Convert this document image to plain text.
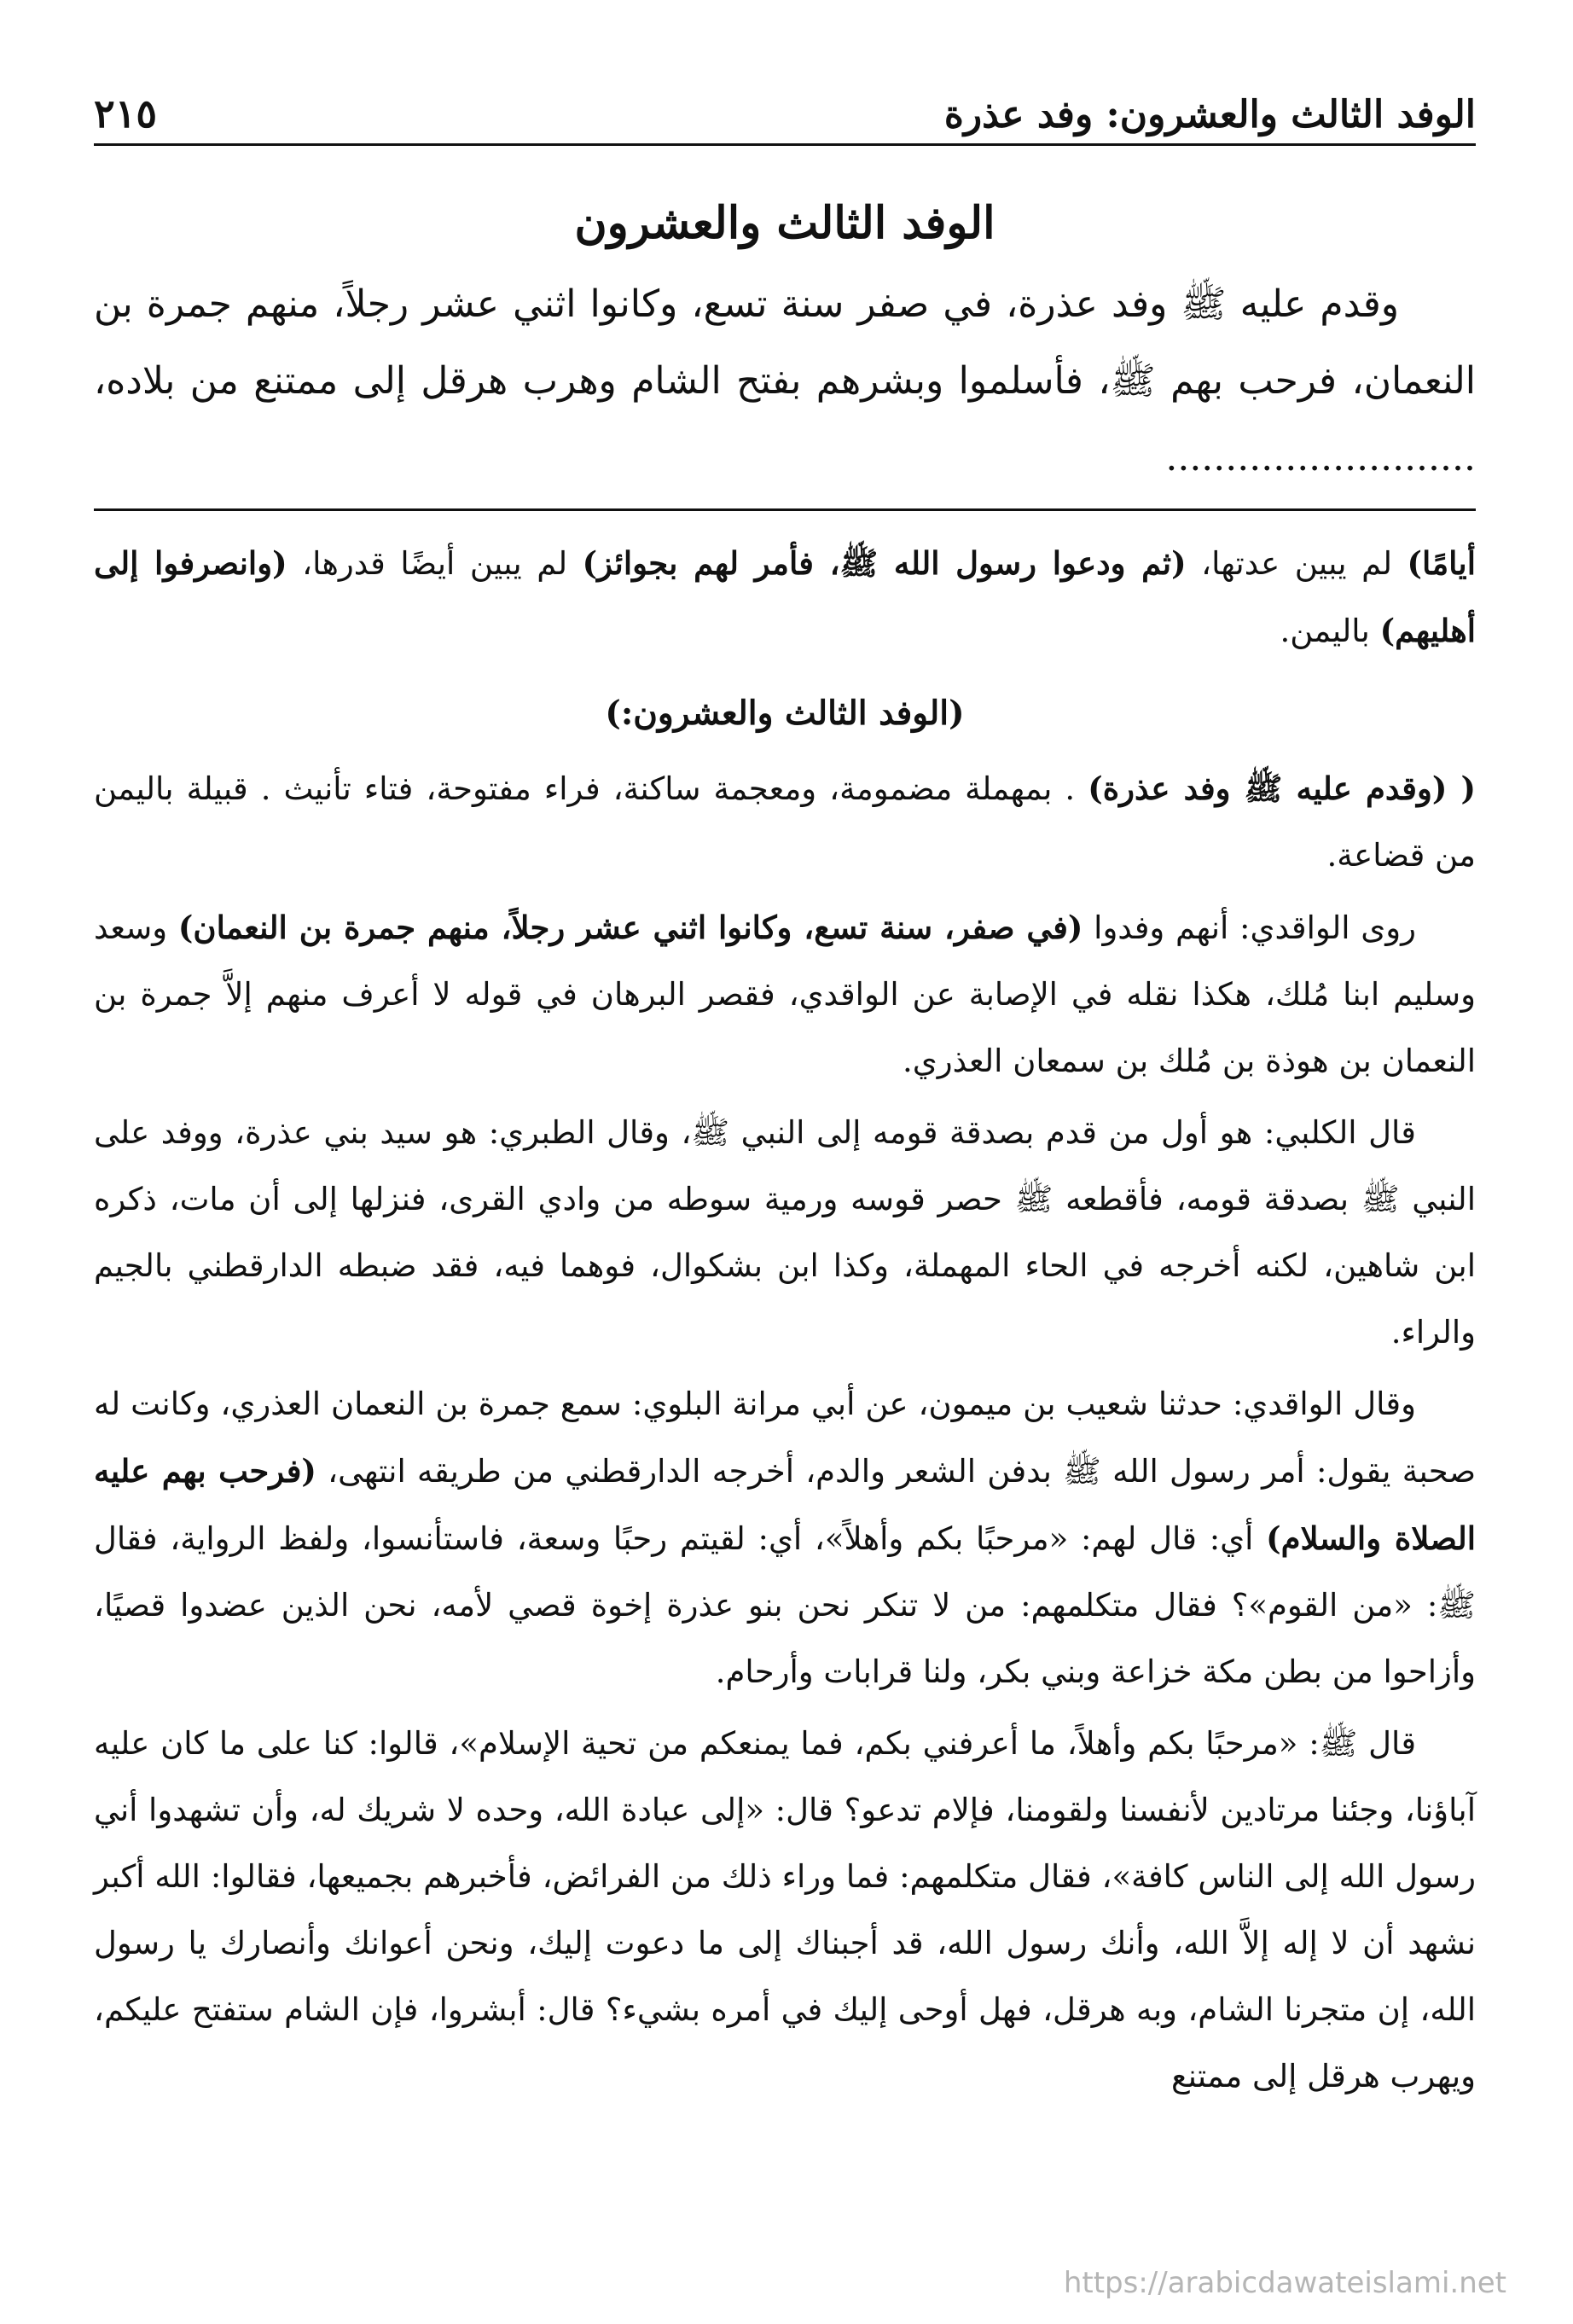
الوفد الثالث والعشرون: وفد عذرة
٢١٥
الوفد الثالث والعشرون

وقدم عليه ﷺ وفد عذرة، في صفر سنة تسع، وكانوا اثني عشر رجلاً، منهم جمرة بن النعمان، فرحب بهم ﷺ، فأسلموا وبشرهم بفتح الشام وهرب هرقل إلى ممتنع من بلاده، ..........................

أيامًا) لم يبين عدتها، (ثم ودعوا رسول الله ﷺ، فأمر لهم بجوائز) لم يبين أيضًا قدرها، (وانصرفوا إلى أهليهم) باليمن.

(الوفد الثالث والعشرون:)

( (وقدم عليه ﷺ وفد عذرة) . بمهملة مضمومة، ومعجمة ساكنة، فراء مفتوحة، فتاء تأنيث . قبيلة باليمن من قضاعة.

روى الواقدي: أنهم وفدوا (في صفر، سنة تسع، وكانوا اثني عشر رجلاً، منهم جمرة بن النعمان) وسعد وسليم ابنا مُلك، هكذا نقله في الإصابة عن الواقدي، فقصر البرهان في قوله لا أعرف منهم إلاَّ جمرة بن النعمان بن هوذة بن مُلك بن سمعان العذري.

قال الكلبي: هو أول من قدم بصدقة قومه إلى النبي ﷺ، وقال الطبري: هو سيد بني عذرة، ووفد على النبي ﷺ بصدقة قومه، فأقطعه ﷺ حصر قوسه ورمية سوطه من وادي القرى، فنزلها إلى أن مات، ذكره ابن شاهين، لكنه أخرجه في الحاء المهملة، وكذا ابن بشكوال، فوهما فيه، فقد ضبطه الدارقطني بالجيم والراء.

وقال الواقدي: حدثنا شعيب بن ميمون، عن أبي مرانة البلوي: سمع جمرة بن النعمان العذري، وكانت له صحبة يقول: أمر رسول الله ﷺ بدفن الشعر والدم، أخرجه الدارقطني من طريقه انتهى، (فرحب بهم عليه الصلاة والسلام) أي: قال لهم: «مرحبًا بكم وأهلاً»، أي: لقيتم رحبًا وسعة، فاستأنسوا، ولفظ الرواية، فقال ﷺ: «من القوم»؟ فقال متكلمهم: من لا تنكر نحن بنو عذرة إخوة قصي لأمه، نحن الذين عضدوا قصيًا، وأزاحوا من بطن مكة خزاعة وبني بكر، ولنا قرابات وأرحام.

قال ﷺ: «مرحبًا بكم وأهلاً، ما أعرفني بكم، فما يمنعكم من تحية الإسلام»، قالوا: كنا على ما كان عليه آباؤنا، وجئنا مرتادين لأنفسنا ولقومنا، فإلام تدعو؟ قال: «إلى عبادة الله، وحده لا شريك له، وأن تشهدوا أني رسول الله إلى الناس كافة»، فقال متكلمهم: فما وراء ذلك من الفرائض، فأخبرهم بجميعها، فقالوا: الله أكبر نشهد أن لا إله إلاَّ الله، وأنك رسول الله، قد أجبناك إلى ما دعوت إليك، ونحن أعوانك وأنصارك يا رسول الله، إن متجرنا الشام، وبه هرقل، فهل أوحى إليك في أمره بشيء؟ قال: أبشروا، فإن الشام ستفتح عليكم، ويهرب هرقل إلى ممتنع

https://arabicdawateislami.net
